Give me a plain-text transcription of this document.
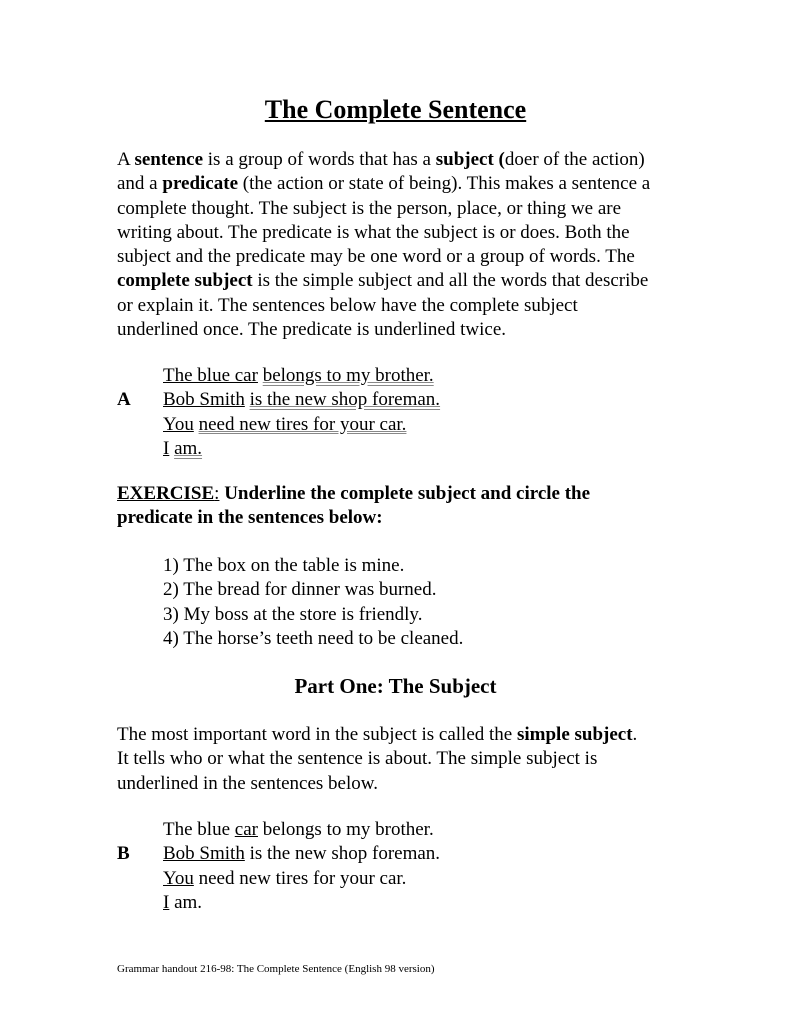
The Complete Sentence
A sentence is a group of words that has a subject (doer of the action) and a predicate (the action or state of being). This makes a sentence a complete thought. The subject is the person, place, or thing we are writing about. The predicate is what the subject is or does. Both the subject and the predicate may be one word or a group of words. The complete subject is the simple subject and all the words that describe or explain it. The sentences below have the complete subject underlined once. The predicate is underlined twice.
The blue car belongs to my brother.
A Bob Smith is the new shop foreman.
You need new tires for your car.
I am.
EXERCISE: Underline the complete subject and circle the predicate in the sentences below:
1) The box on the table is mine.
2) The bread for dinner was burned.
3) My boss at the store is friendly.
4) The horse’s teeth need to be cleaned.
Part One: The Subject
The most important word in the subject is called the simple subject. It tells who or what the sentence is about. The simple subject is underlined in the sentences below.
The blue car belongs to my brother.
B Bob Smith is the new shop foreman.
You need new tires for your car.
I am.
Grammar handout 216-98: The Complete Sentence (English 98 version)
